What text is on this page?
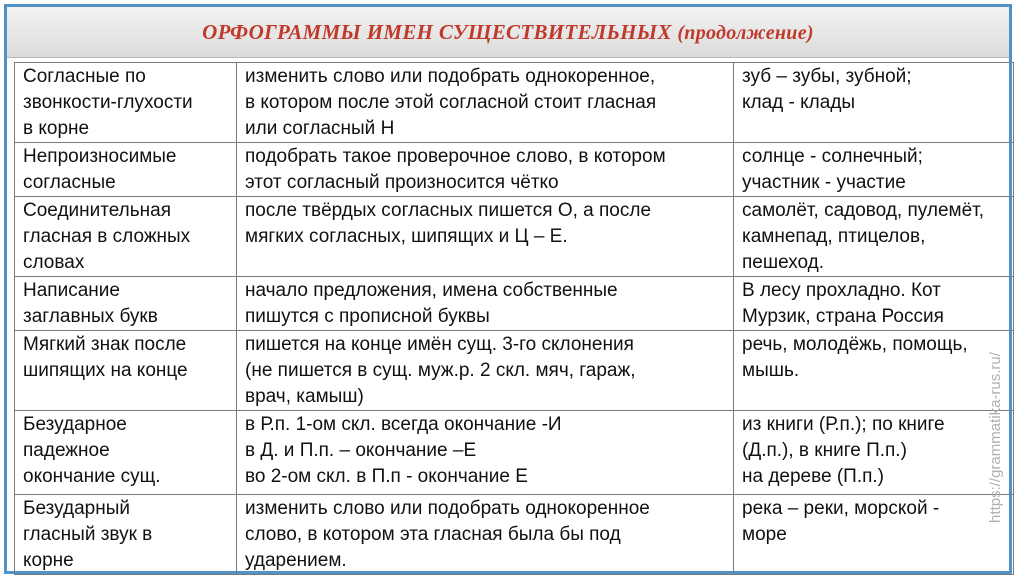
ОРФОГРАММЫ ИМЕН СУЩЕСТВИТЕЛЬНЫХ (продолжение)
Согласные по
звонкости-глухости
в корне	изменить слово или подобрать однокоренное,
в котором после этой согласной стоит гласная
или согласный Н	зуб – зубы, зубной;
клад - клады

Непроизносимые
согласные	подобрать такое проверочное слово, в котором
этот согласный произносится чётко	солнце - солнечный;
участник - участие

Соединительная
гласная в сложных
словах	после твёрдых согласных пишется О, а после
мягких согласных, шипящих и Ц – Е.	самолёт, садовод, пулемёт,
камнепад, птицелов,
пешеход.

Написание
заглавных букв	начало предложения, имена собственные
пишутся с прописной буквы	В лесу прохладно. Кот
Мурзик, страна Россия

Мягкий знак после
шипящих на конце	пишется на конце имён сущ. 3-го склонения
(не пишется в сущ. муж.р. 2 скл. мяч, гараж,
врач, камыш)	речь, молодёжь, помощь,
мышь.

Безударное
падежное
окончание сущ.	в Р.п. 1-ом скл. всегда окончание -И
в Д. и П.п. – окончание –Е
во 2-ом скл. в П.п - окончание Е	из книги (Р.п.); по книге
(Д.п.), в книге П.п.)
на дереве (П.п.)

Безударный
гласный звук в
корне	изменить слово или подобрать однокоренное
слово, в котором эта гласная была бы под
ударением.	река – реки, морской -
море
https://grammatika-rus.ru/
